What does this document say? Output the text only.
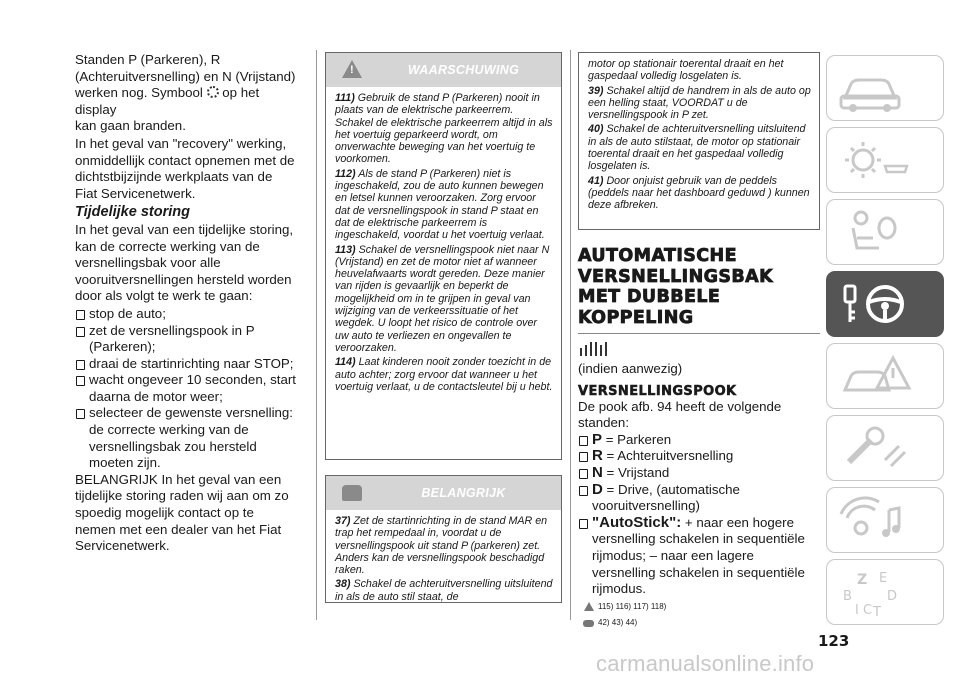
Standen P (Parkeren), R
(Achteruitversnelling) en N (Vrijstand)
werken nog. Symbool  op het display
kan gaan branden.
In het geval van "recovery" werking, onmiddellijk contact opnemen met de dichtstbijzijnde werkplaats van de Fiat Servicenetwerk.
Tijdelijke storing
In het geval van een tijdelijke storing, kan de correcte werking van de versnellingsbak voor alle vooruitversnellingen hersteld worden door als volgt te werk te gaan:
stop de auto;
zet de versnellingspook in P (Parkeren);
draai de startinrichting naar STOP;
wacht ongeveer 10 seconden, start daarna de motor weer;
selecteer de gewenste versnelling: de correcte werking van de versnellingsbak zou hersteld moeten zijn.
BELANGRIJK In het geval van een tijdelijke storing raden wij aan om zo spoedig mogelijk contact op te nemen met een dealer van het Fiat Servicenetwerk.
!
WAARSCHUWING
111) Gebruik de stand P (Parkeren) nooit in plaats van de elektrische parkeerrem. Schakel de elektrische parkeerrem altijd in als het voertuig geparkeerd wordt, om onverwachte beweging van het voertuig te voorkomen.
112) Als de stand P (Parkeren) niet is ingeschakeld, zou de auto kunnen bewegen en letsel kunnen veroorzaken. Zorg ervoor dat de versnellingspook in stand P staat en dat de elektrische parkeerrem is ingeschakeld, voordat u het voertuig verlaat.
113) Schakel de versnellingspook niet naar N (Vrijstand) en zet de motor niet af wanneer heuvelafwaarts wordt gereden. Deze manier van rijden is gevaarlijk en beperkt de mogelijkheid om in te grijpen in geval van wijziging van de verkeerssituatie of het wegdek. U loopt het risico de controle over uw auto te verliezen en ongevallen te veroorzaken.
114) Laat kinderen nooit zonder toezicht in de auto achter; zorg ervoor dat wanneer u het voertuig verlaat, u de contactsleutel bij u hebt.
BELANGRIJK
37) Zet de startinrichting in de stand MAR en trap het rempedaal in, voordat u de versnellingspook uit stand P (parkeren) zet. Anders kan de versnellingspook beschadigd raken.
38) Schakel de achteruitversnelling uitsluitend in als de auto stil staat, de
motor op stationair toerental draait en het gaspedaal volledig losgelaten is.
39) Schakel altijd de handrem in als de auto op een helling staat, VOORDAT u de versnellingspook in P zet.
40) Schakel de achteruitversnelling uitsluitend in als de auto stilstaat, de motor op stationair toerental draait en het gaspedaal volledig losgelaten is.
41) Door onjuist gebruik van de peddels (peddels naar het dashboard geduwd ) kunnen deze afbreken.
AUTOMATISCHE
VERSNELLINGSBAK
MET DUBBELE
KOPPELING
(indien aanwezig)
VERSNELLINGSPOOK
De pook afb. 94 heeft de volgende standen:
P = Parkeren
R = Achteruitversnelling
N = Vrijstand
D = Drive, (automatische vooruitversnelling)
"AutoStick": + naar een hogere versnelling schakelen in sequentiële rijmodus; – naar een lagere versnelling schakelen in sequentiële rijmodus.
115) 116) 117) 118)
42) 43) 44)
123
carmanualsonline.info
Z E
B	D
I C T
